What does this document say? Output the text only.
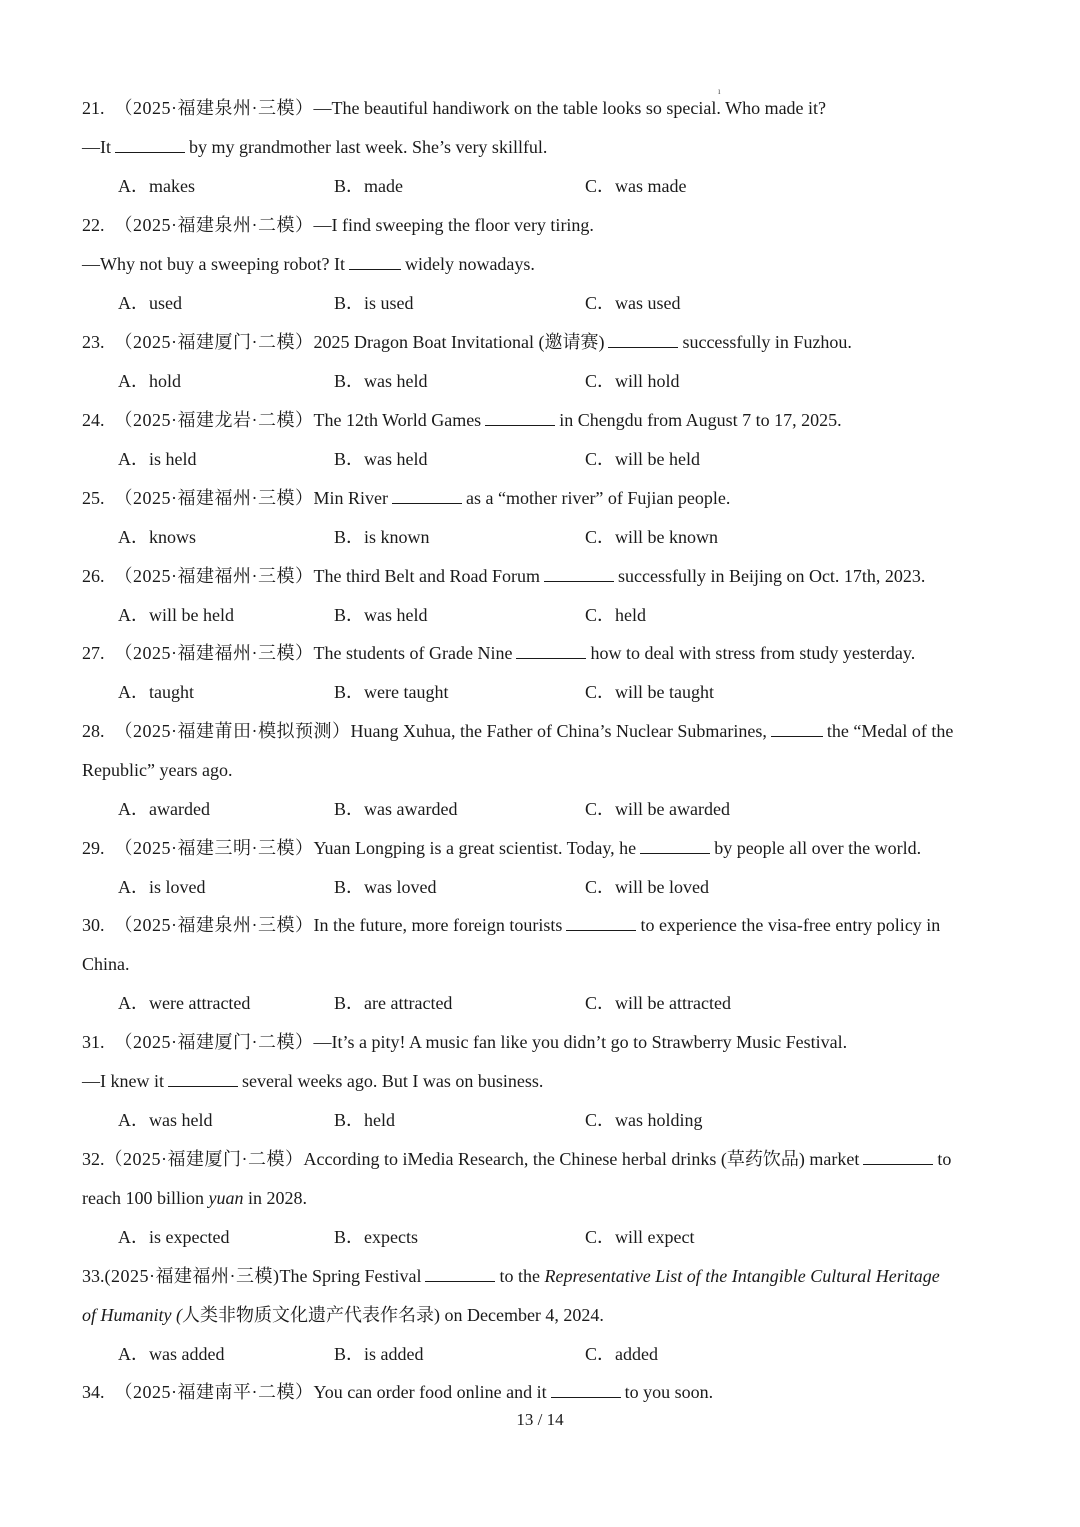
ı
21. （2025·福建泉州·三模）—The beautiful handiwork on the table looks so special. Who made it?
—It	by my grandmother last week. She’s very skillful.
A．makes	B．made	C．was made
22. （2025·福建泉州·二模）—I find sweeping the floor very tiring.
—Why not buy a sweeping robot? It	widely nowadays.
A．used	B．is used	C．was used
23. （2025·福建厦门·二模）2025 Dragon Boat Invitational (邀请赛)	successfully in Fuzhou.
A．hold	B．was held	C．will hold
24. （2025·福建龙岩·二模）The 12th World Games	in Chengdu from August 7 to 17, 2025.
A．is held	B．was held	C．will be held
25. （2025·福建福州·三模）Min River	as a “mother river” of Fujian people.
A．knows	B．is known	C．will be known
26. （2025·福建福州·三模）The third Belt and Road Forum	successfully in Beijing on Oct. 17th, 2023.
A．will be held	B．was held	C．held
27. （2025·福建福州·三模）The students of Grade Nine	how to deal with stress from study yesterday.
A．taught	B．were taught	C．will be taught
28. （2025·福建莆田·模拟预测）Huang Xuhua, the Father of China’s Nuclear Submarines,	the “Medal of the
Republic” years ago.
A．awarded	B．was awarded	C．will be awarded
29. （2025·福建三明·三模）Yuan Longping is a great scientist. Today, he	by people all over the world.
A．is loved	B．was loved	C．will be loved
30. （2025·福建泉州·三模）In the future, more foreign tourists	to experience the visa-free entry policy in
China.
A．were attracted	B．are attracted	C．will be attracted
31. （2025·福建厦门·二模）—It’s a pity! A music fan like you didn’t go to Strawberry Music Festival.
—I knew it	several weeks ago. But I was on business.
A．was held	B．held	C．was holding
32.（2025·福建厦门·二模）According to iMedia Research, the Chinese herbal drinks (草药饮品) market	to
reach 100 billion yuan in 2028.
A．is expected	B．expects	C．will expect
33.(2025·福建福州·三模)The Spring Festival	to the Representative List of the Intangible Cultural Heritage
of Humanity (人类非物质文化遗产代表作名录) on December 4, 2024.
A．was added	B．is added	C．added
34. （2025·福建南平·二模）You can order food online and it	to you soon.
13 / 14
